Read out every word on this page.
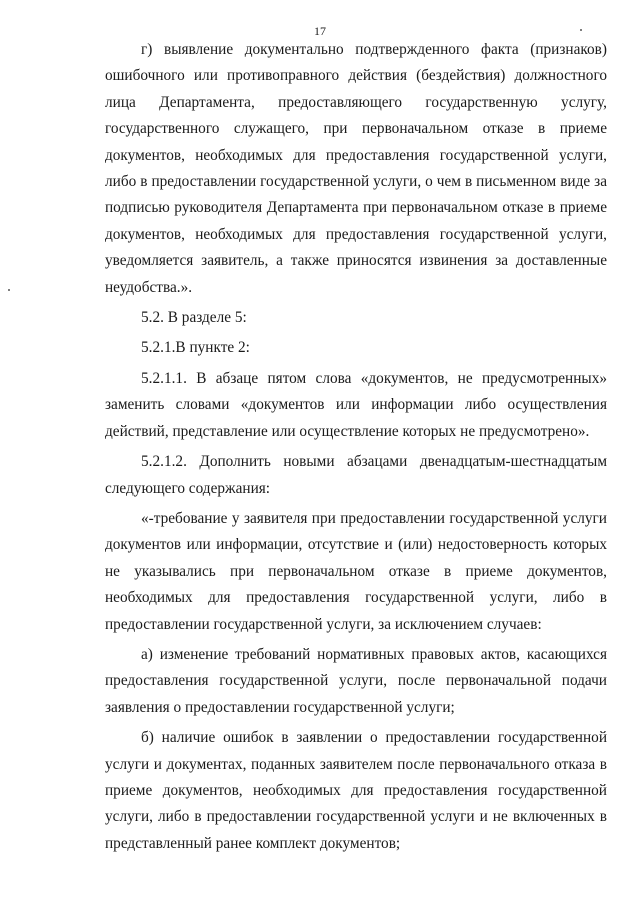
17

г) выявление документально подтвержденного факта (признаков) ошибочного или противоправного действия (бездействия) должностного лица Департамента, предоставляющего государственную услугу, государственного служащего, при первоначальном отказе в приеме документов, необходимых для предоставления государственной услуги, либо в предоставлении государственной услуги, о чем в письменном виде за подписью руководителя Департамента при первоначальном отказе в приеме документов, необходимых для предоставления государственной услуги, уведомляется заявитель, а также приносятся извинения за доставленные неудобства.».

5.2. В разделе 5:

5.2.1.В пункте 2:

5.2.1.1. В абзаце пятом слова «документов, не предусмотренных» заменить словами «документов или информации либо осуществления действий, представление или осуществление которых не предусмотрено».

5.2.1.2. Дополнить новыми абзацами двенадцатым-шестнадцатым следующего содержания:

«-требование у заявителя при предоставлении государственной услуги документов или информации, отсутствие и (или) недостоверность которых не указывались при первоначальном отказе в приеме документов, необходимых для предоставления государственной услуги, либо в предоставлении государственной услуги, за исключением случаев:

а) изменение требований нормативных правовых актов, касающихся предоставления государственной услуги, после первоначальной подачи заявления о предоставлении государственной услуги;

б) наличие ошибок в заявлении о предоставлении государственной услуги и документах, поданных заявителем после первоначального отказа в приеме документов, необходимых для предоставления государственной услуги, либо в предоставлении государственной услуги и не включенных в представленный ранее комплект документов;
